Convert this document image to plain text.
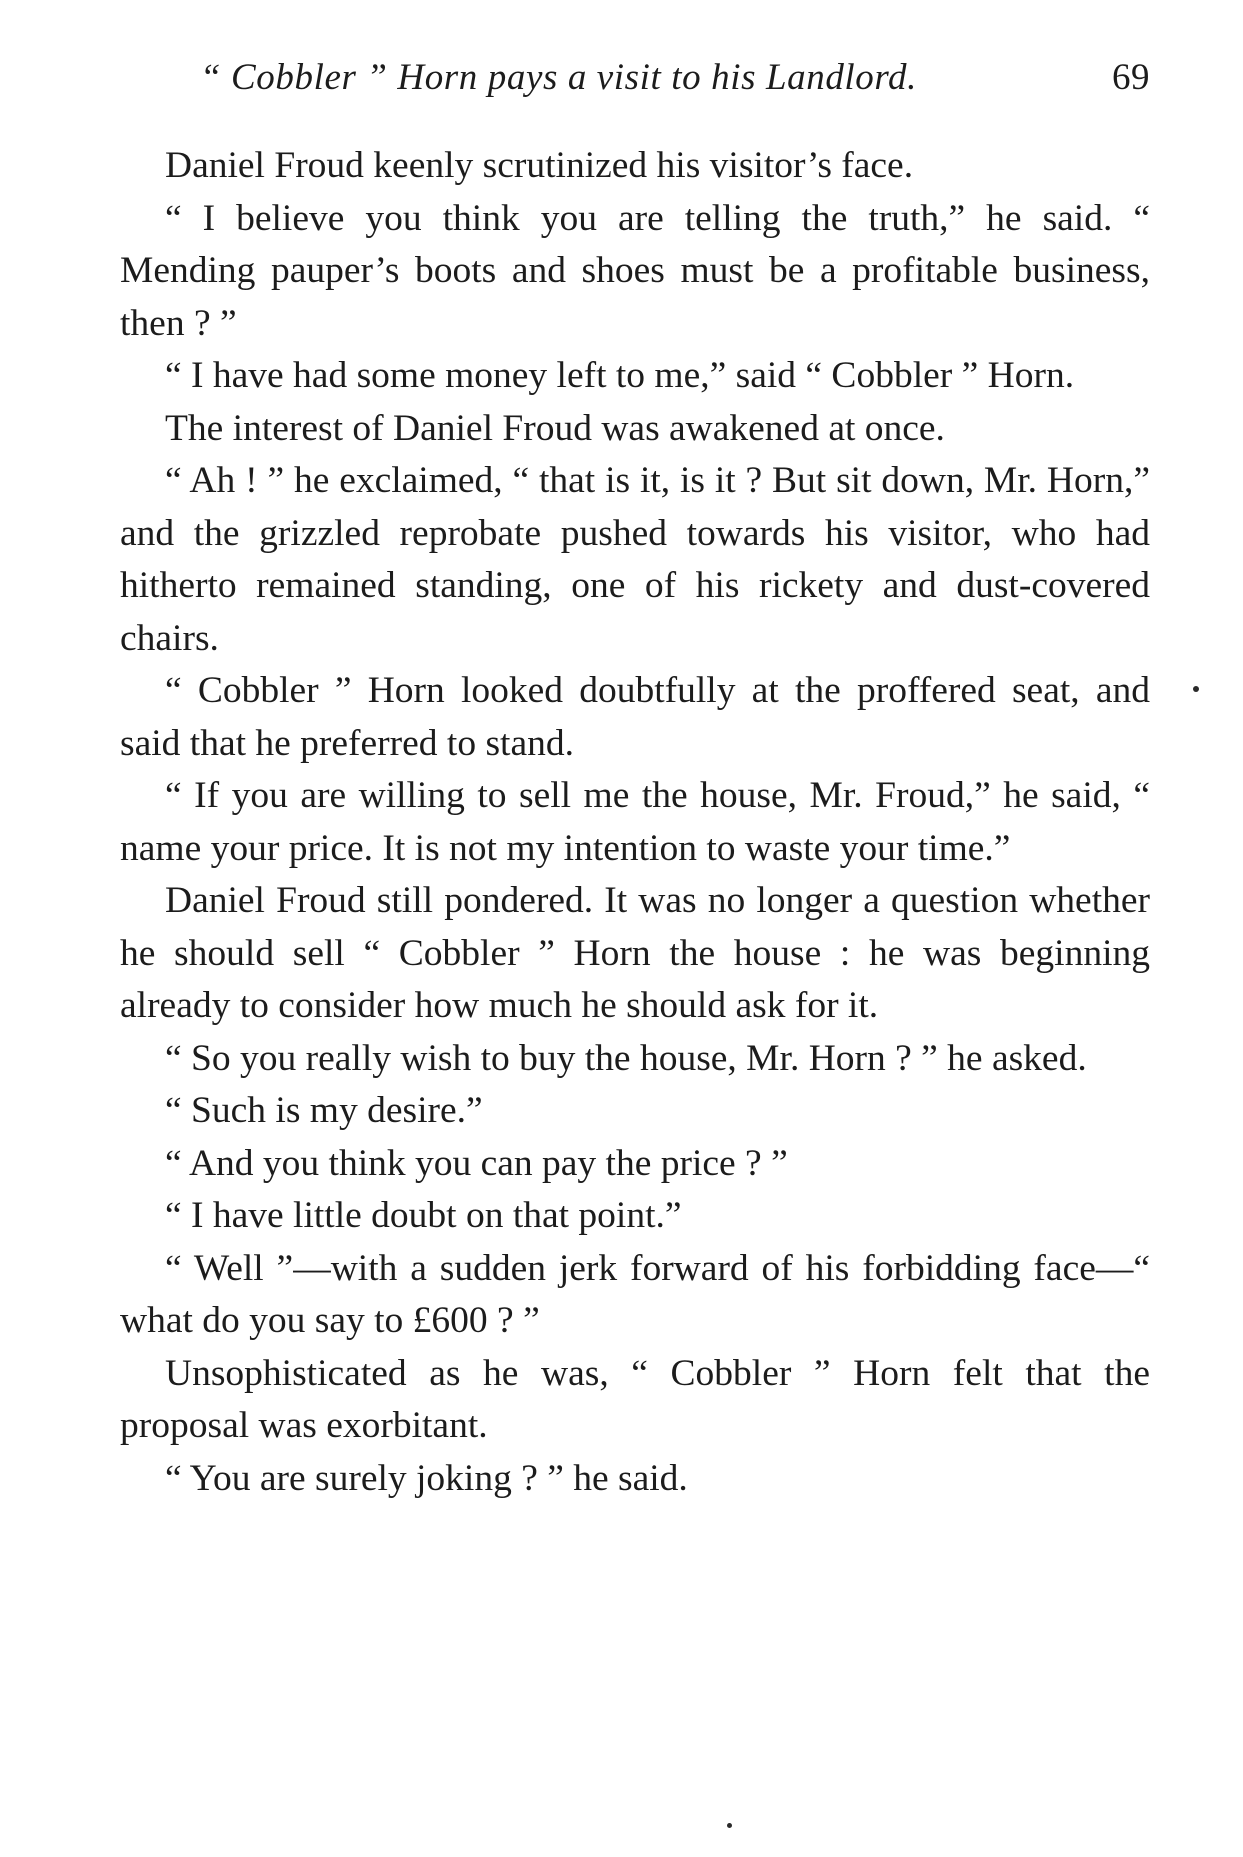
“ Cobbler ” Horn pays a visit to his Landlord.	69

Daniel Froud keenly scrutinized his visitor’s face.

“ I believe you think you are telling the truth,” he said. “ Mending pauper’s boots and shoes must be a profitable business, then ? ”

“ I have had some money left to me,” said “ Cobbler ” Horn.

The interest of Daniel Froud was awakened at once.

“ Ah ! ” he exclaimed, “ that is it, is it ? But sit down, Mr. Horn,” and the grizzled reprobate pushed towards his visitor, who had hitherto remained standing, one of his rickety and dust-covered chairs.

“ Cobbler ” Horn looked doubtfully at the proffered seat, and said that he preferred to stand.

“ If you are willing to sell me the house, Mr. Froud,” he said, “ name your price. It is not my intention to waste your time.”

Daniel Froud still pondered. It was no longer a question whether he should sell “ Cobbler ” Horn the house : he was beginning already to consider how much he should ask for it.

“ So you really wish to buy the house, Mr. Horn ? ” he asked.

“ Such is my desire.”

“ And you think you can pay the price ? ”

“ I have little doubt on that point.”

“ Well ”—with a sudden jerk forward of his forbidding face—“ what do you say to £600 ? ”

Unsophisticated as he was, “ Cobbler ” Horn felt that the proposal was exorbitant.

“ You are surely joking ? ” he said.
